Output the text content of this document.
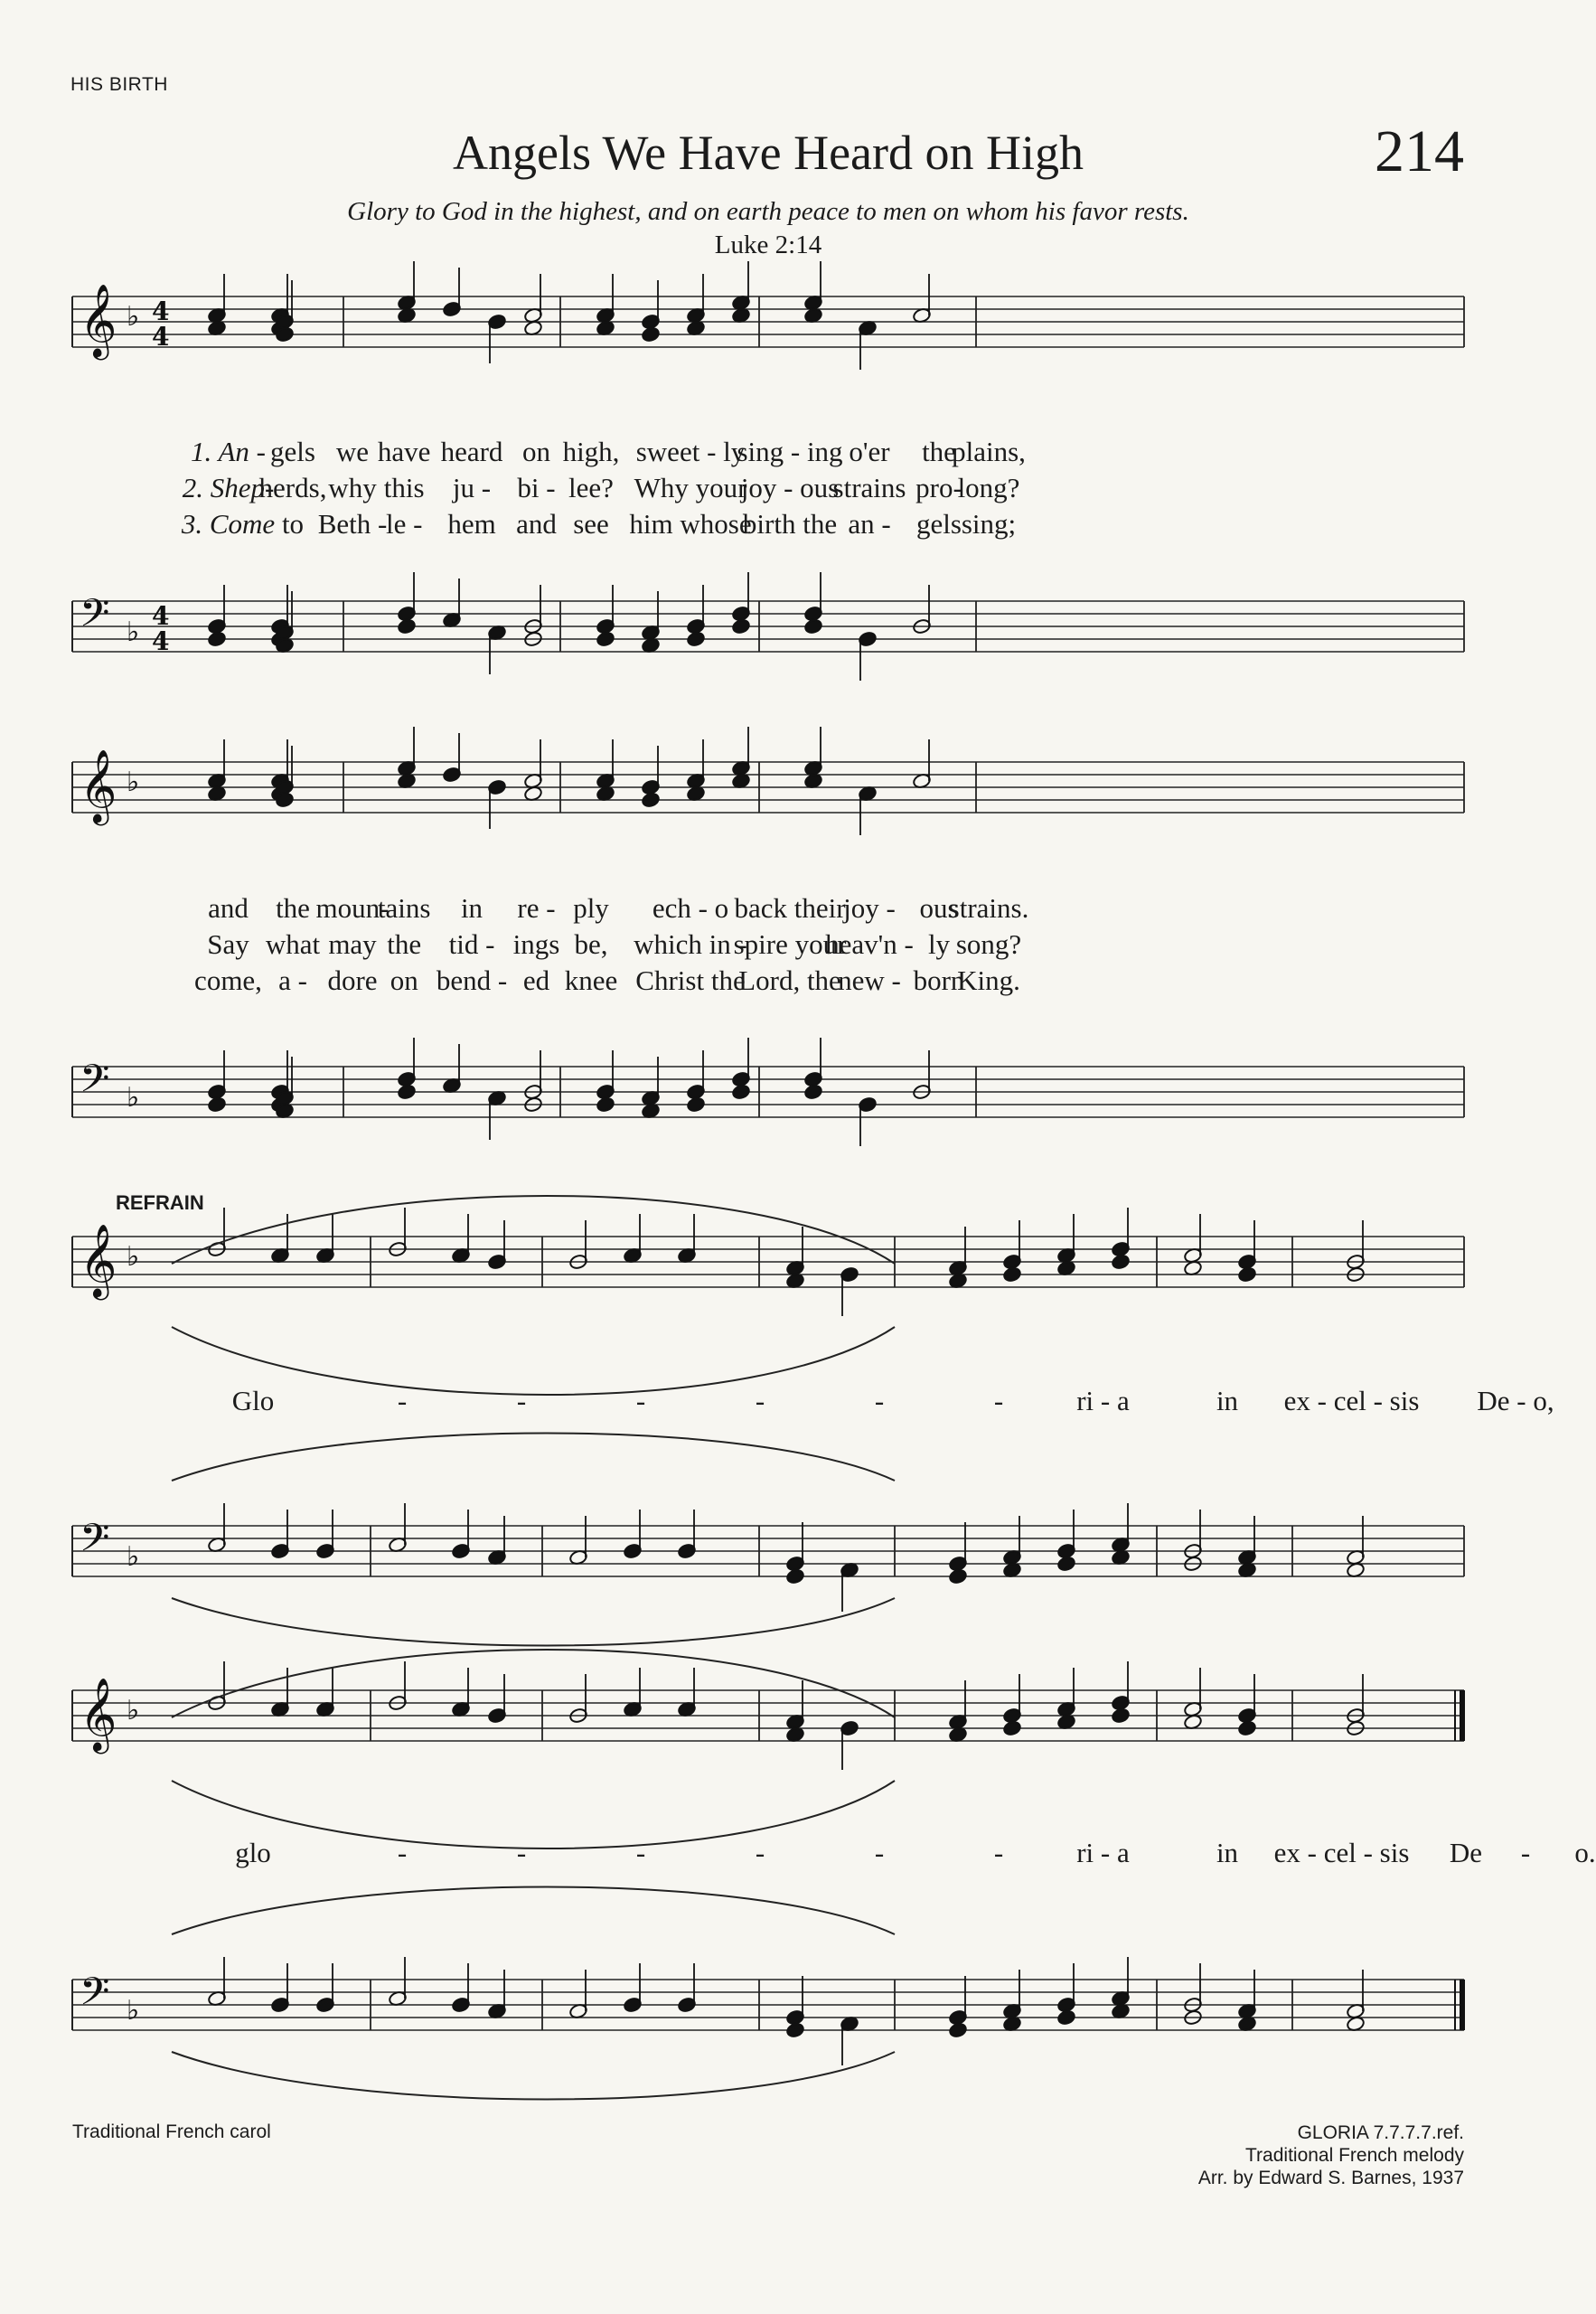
HIS BIRTH
Angels We Have Heard on High	214
Glory to God in the highest, and on earth peace to men on whom his favor rests.
Luke 2:14
𝄞 ♭ 4
4
𝄢 ♭
4
4
1. An - gels we have heard on high, sweet - ly
sing - ing o'er the
plains,
2. Shep-
herds, why this ju - bi - lee? Why your
joy - ous
strains pro-
long?
3. Come to Beth -
le - hem and see him whose
birth the an - gels sing;
𝄞 ♭
𝄢 ♭
and the moun-
tains in re - ply ech - o back their
joy - ous
strains.
Say what may the tid - ings be, which in -
spire your
heav'n - ly song?
come, a - dore on bend - ed knee Christ the
Lord, the
new - born
King.
REFRAIN
𝄞 ♭
𝄢 ♭
Glo	-	-	-	-	-	-	ri - a	in ex - cel - sis De - o,
𝄞 ♭
𝄢 ♭
glo	-	-	-	-	-	-	ri - a	in ex - cel - sis De - o.
Traditional French carol	GLORIA 7.7.7.7.ref.
Traditional French melody
Arr. by Edward S. Barnes, 1937
